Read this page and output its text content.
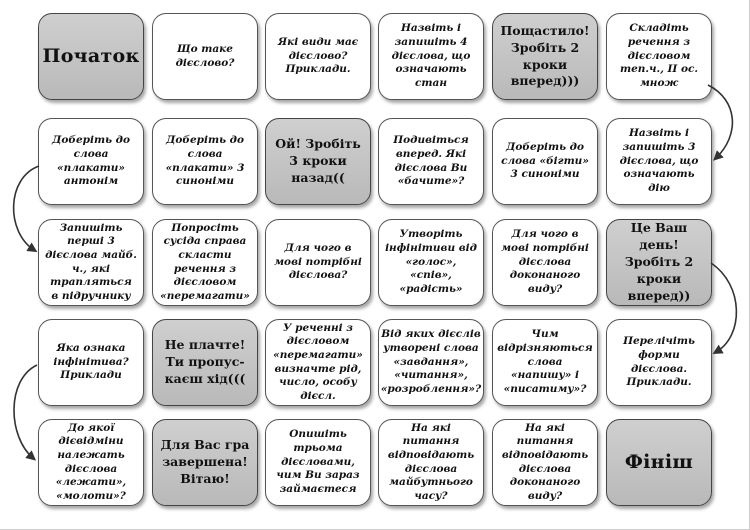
Початок	Що таке дієслово?
Які види має дієслово? Приклади.
Назвіть і запишіть 4 дієслова, що означають стан
Пощастило! Зробіть 2 кроки вперед)))
Складіть речення з дієсловом теп.ч., ІІ ос. множ
Доберіть до слова «плакати» антонім
Доберіть до слова «плакати» 3 синоніми
Ой! Зробіть 3 кроки назад((
Подивіться вперед. Які дієслова Ви «бачите»?
Доберіть до слова «бігти» 3 синоніми
Назвіть і запишіть 3 дієслова, що означають дію
Запишіть перші 3 дієслова майб. ч., які трапляться в підручнику
Попросіть сусіда справа скласти речення з дієсловом «перемагати»
Для чого в мові потрібні дієслова?
Утворіть інфінітиви від «голос», «спів», «радість»
Для чого в мові потрібні дієслова доконаного виду?
Це Ваш день! Зробіть 2 кроки вперед))
Яка ознака інфінітива? Приклади
Не плачте! Ти пропус-каєш хід(((
У реченні з дієсловом «перемагати» визначте рід, число, особу дієсл.
Від яких дієслів утворені слова «завдання», «читання», «розроблення»?
Чим відрізняються слова «напишу» і «писатиму»?
Перелічіть форми дієслова. Приклади.
До якої дієвідміни належать дієслова «лежати», «молоти»?
Для Вас гра завершена! Вітаю!
Опишіть трьома дієсловами, чим Ви зараз займаєтеся
На які питання відповідають дієслова майбутнього часу?
На які питання відповідають дієслова доконаного виду?
Фініш
